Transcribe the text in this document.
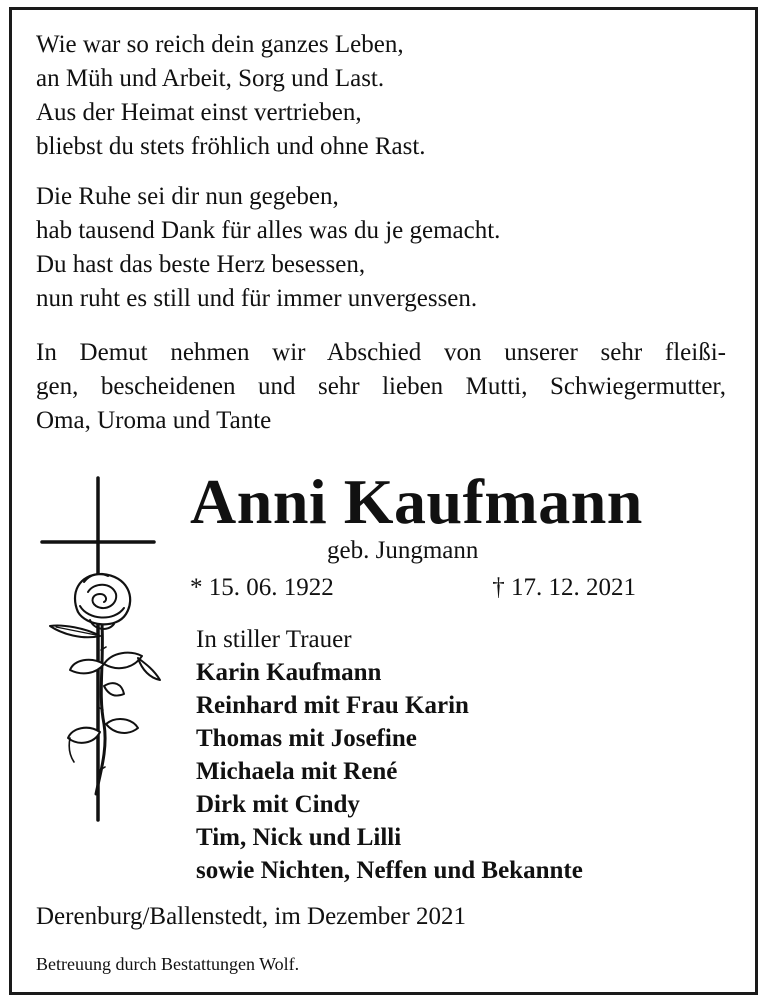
Wie war so reich dein ganzes Leben,
an Müh und Arbeit, Sorg und Last.
Aus der Heimat einst vertrieben,
bliebst du stets fröhlich und ohne Rast.
Die Ruhe sei dir nun gegeben,
hab tausend Dank für alles was du je gemacht.
Du hast das beste Herz besessen,
nun ruht es still und für immer unvergessen.
In Demut nehmen wir Abschied von unserer sehr fleißi-
gen, bescheidenen und sehr lieben Mutti, Schwiegermutter,
Oma, Uroma und Tante
Anni Kaufmann
geb. Jungmann
* 15. 06. 1922	† 17. 12. 2021
In stiller Trauer
Karin Kaufmann
Reinhard mit Frau Karin
Thomas mit Josefine
Michaela mit René
Dirk mit Cindy
Tim, Nick und Lilli
sowie Nichten, Neffen und Bekannte
Derenburg/Ballenstedt, im Dezember 2021
Betreuung durch Bestattungen Wolf.
